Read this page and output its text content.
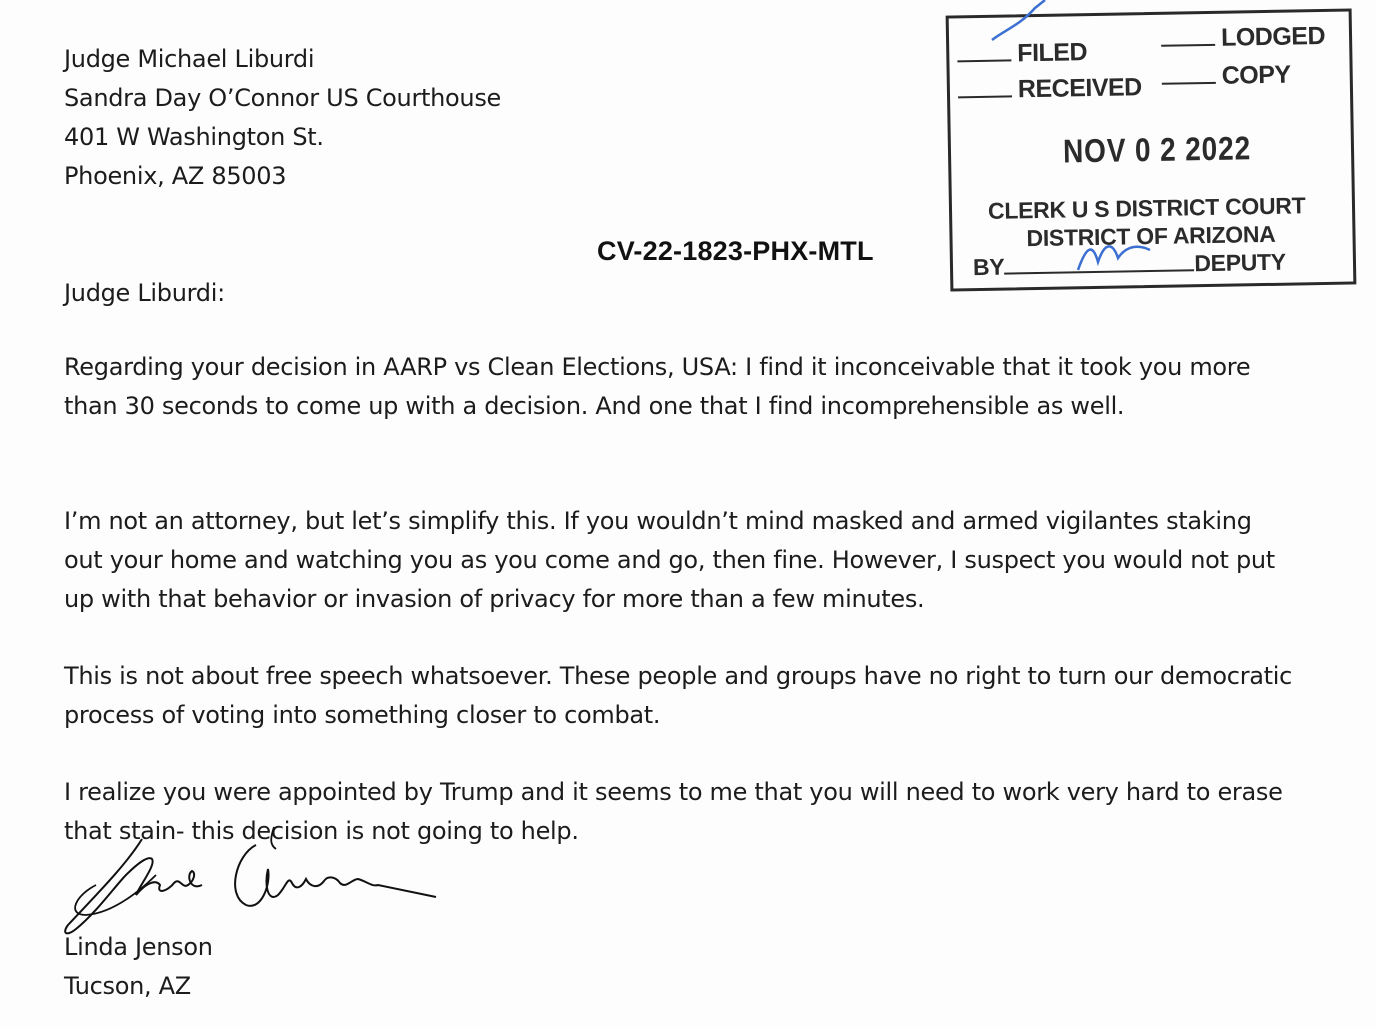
Judge Michael Liburdi
Sandra Day O’Connor US Courthouse
401 W Washington St.
Phoenix, AZ 85003
CV-22-1823-PHX-MTL
FILED
LODGED
RECEIVED	COPY
NOV 0 2 2022
CLERK U S DISTRICT COURT
DISTRICT OF ARIZONA
BY	DEPUTY
Judge Liburdi:
Regarding your decision in AARP vs Clean Elections, USA: I find it inconceivable that it took you more than 30 seconds to come up with a decision. And one that I find incomprehensible as well.
I’m not an attorney, but let’s simplify this. If you wouldn’t mind masked and armed vigilantes staking out your home and watching you as you come and go, then fine. However, I suspect you would not put up with that behavior or invasion of privacy for more than a few minutes.
This is not about free speech whatsoever. These people and groups have no right to turn our democratic process of voting into something closer to combat.
I realize you were appointed by Trump and it seems to me that you will need to work very hard to erase that stain- this decision is not going to help.
Linda Jenson
Tucson, AZ
